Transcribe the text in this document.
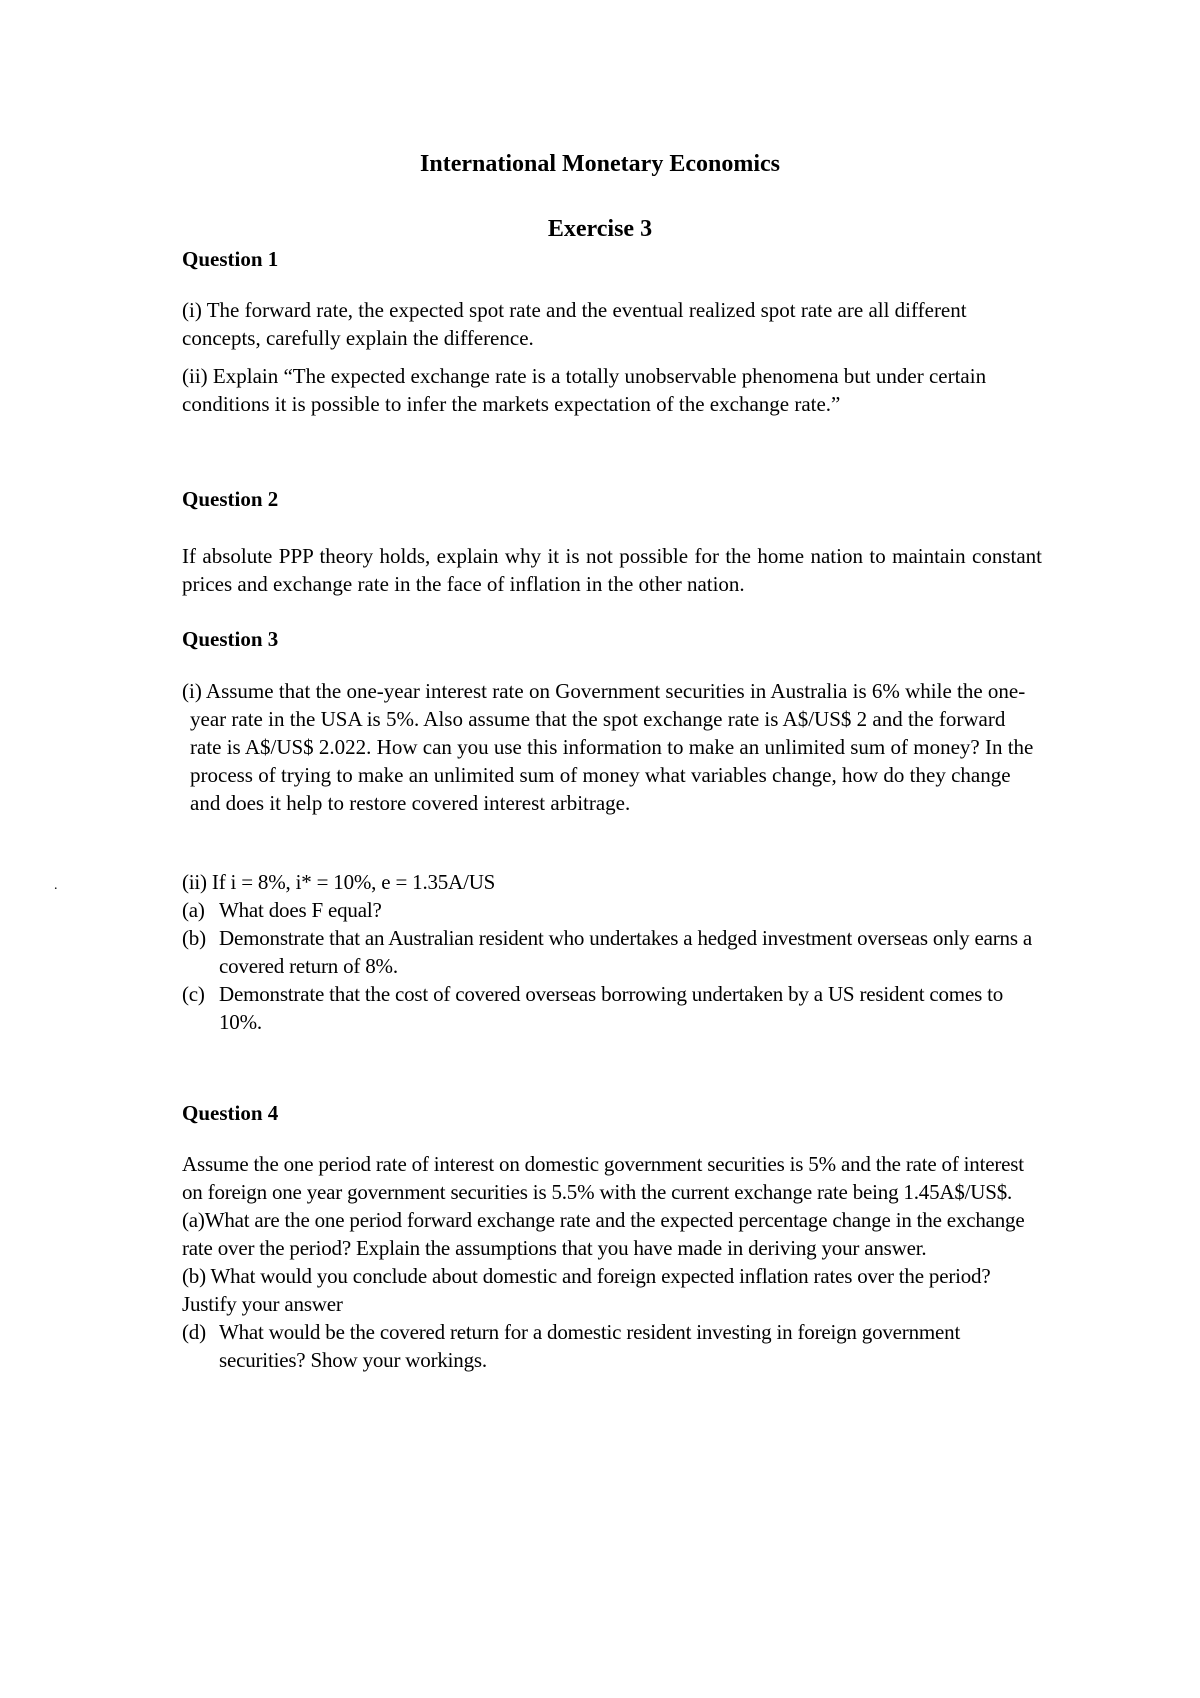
International Monetary Economics
Exercise 3
Question 1

(i) The forward rate, the expected spot rate and the eventual realized spot rate are all different concepts, carefully explain the difference.

(ii) Explain “The expected exchange rate is a totally unobservable phenomena but under certain conditions it is possible to infer the markets expectation of the exchange rate.”

Question 2
If absolute PPP theory holds, explain why it is not possible for the home nation to maintain constant prices and exchange rate in the face of inflation in the other nation.
Question 3

(i) Assume that the one-year interest rate on Government securities in Australia is 6% while the one-year rate in the USA is 5%. Also assume that the spot exchange rate is A$/US$ 2 and the forward rate is A$/US$ 2.022. How can you use this information to make an unlimited sum of money? In the process of trying to make an unlimited sum of money what variables change, how do they change and does it help to restore covered interest arbitrage.

.	(ii) If i = 8%, i* = 10%, e = 1.35A/US

(a) What does F equal?
(b) Demonstrate that an Australian resident who undertakes a hedged investment overseas only earns a covered return of 8%.
(c) Demonstrate that the cost of covered overseas borrowing undertaken by a US resident comes to 10%.
Question 4

Assume the one period rate of interest on domestic government securities is 5% and the rate of interest on foreign one year government securities is 5.5% with the current exchange rate being 1.45A$/US$.

(a)What are the one period forward exchange rate and the expected percentage change in the exchange rate over the period? Explain the assumptions that you have made in deriving your answer.

(b) What would you conclude about domestic and foreign expected inflation rates over the period? Justify your answer

(d) What would be the covered return for a domestic resident investing in foreign government securities? Show your workings.
